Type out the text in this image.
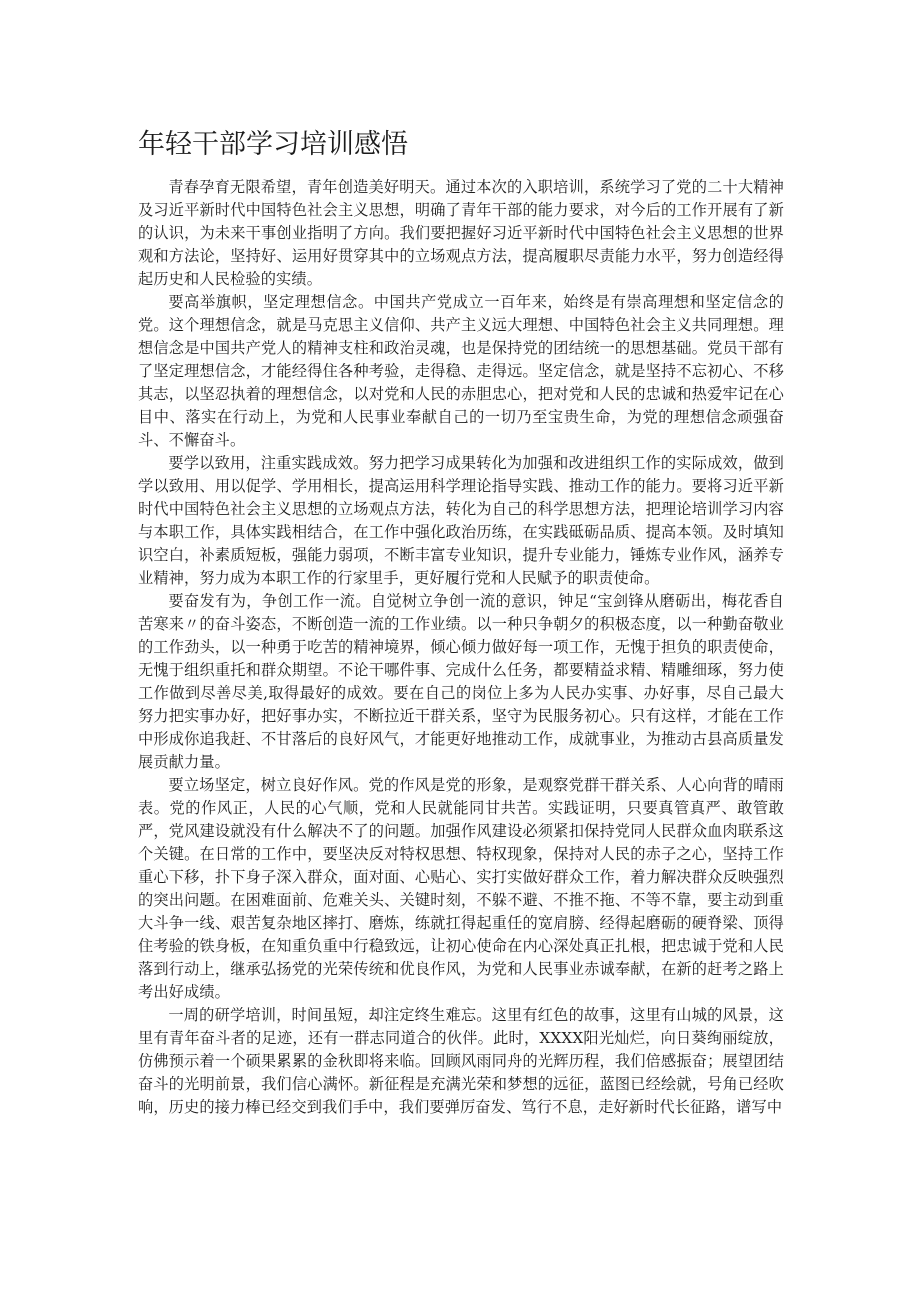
年轻干部学习培训感悟

青春孕育无限希望，青年创造美好明天。通过本次的入职培训，系统学习了党的二十大精神及习近平新时代中国特色社会主义思想，明确了青年干部的能力要求，对今后的工作开展有了新的认识，为未来干事创业指明了方向。我们要把握好习近平新时代中国特色社会主义思想的世界观和方法论，坚持好、运用好贯穿其中的立场观点方法，提高履职尽责能力水平，努力创造经得起历史和人民检验的实绩。

要高举旗帜，坚定理想信念。中国共产党成立一百年来，始终是有崇高理想和坚定信念的党。这个理想信念，就是马克思主义信仰、共产主义远大理想、中国特色社会主义共同理想。理想信念是中国共产党人的精神支柱和政治灵魂，也是保持党的团结统一的思想基础。党员干部有了坚定理想信念，才能经得住各种考验，走得稳、走得远。坚定信念，就是坚持不忘初心、不移其志，以坚忍执着的理想信念，以对党和人民的赤胆忠心，把对党和人民的忠诚和热爱牢记在心目中、落实在行动上，为党和人民事业奉献自己的一切乃至宝贵生命，为党的理想信念顽强奋斗、不懈奋斗。

要学以致用，注重实践成效。努力把学习成果转化为加强和改进组织工作的实际成效，做到学以致用、用以促学、学用相长，提高运用科学理论指导实践、推动工作的能力。要将习近平新时代中国特色社会主义思想的立场观点方法，转化为自己的科学思想方法，把理论培训学习内容与本职工作，具体实践相结合，在工作中强化政治历练，在实践砥砺品质、提高本领。及时填知识空白，补素质短板，强能力弱项，不断丰富专业知识，提升专业能力，锤炼专业作风，涵养专业精神，努力成为本职工作的行家里手，更好履行党和人民赋予的职责使命。

要奋发有为，争创工作一流。自觉树立争创一流的意识，钟足“宝剑锋从磨砺出，梅花香自苦寒来〃的奋斗姿态，不断创造一流的工作业绩。以一种只争朝夕的积极态度，以一种勤奋敬业的工作劲头，以一种勇于吃苦的精神境界，倾心倾力做好每一项工作，无愧于担负的职责使命，无愧于组织重托和群众期望。不论干哪件事、完成什么任务，都要精益求精、精雕细琢，努力使工作做到尽善尽美,取得最好的成效。要在自己的岗位上多为人民办实事、办好事，尽自己最大努力把实事办好，把好事办实，不断拉近干群关系，坚守为民服务初心。只有这样，才能在工作中形成你追我赶、不甘落后的良好风气，才能更好地推动工作，成就事业，为推动古县高质量发展贡献力量。

要立场坚定，树立良好作风。党的作风是党的形象，是观察党群干群关系、人心向背的晴雨表。党的作风正，人民的心气顺，党和人民就能同甘共苦。实践证明，只要真管真严、敢管敢严，党风建设就没有什么解决不了的问题。加强作风建设必须紧扣保持党同人民群众血肉联系这个关键。在日常的工作中，要坚决反对特权思想、特权现象，保持对人民的赤子之心，坚持工作重心下移，扑下身子深入群众，面对面、心贴心、实打实做好群众工作，着力解决群众反映强烈的突出问题。在困难面前、危难关头、关键时刻，不躲不避、不推不拖、不等不靠，要主动到重大斗争一线、艰苦复杂地区摔打、磨炼，练就扛得起重任的宽肩膀、经得起磨砺的硬脊梁、顶得住考验的铁身板，在知重负重中行稳致远，让初心使命在内心深处真正扎根，把忠诚于党和人民落到行动上，继承弘扬党的光荣传统和优良作风，为党和人民事业赤诚奉献，在新的赶考之路上考出好成绩。

一周的研学培训，时间虽短，却注定终生难忘。这里有红色的故事，这里有山城的风景，这里有青年奋斗者的足迹，还有一群志同道合的伙伴。此时，XXXX阳光灿烂，向日葵绚丽绽放，仿佛预示着一个硕果累累的金秋即将来临。回顾风雨同舟的光辉历程，我们倍感振奋；展望团结奋斗的光明前景，我们信心满怀。新征程是充满光荣和梦想的远征，蓝图已经绘就，号角已经吹响，历史的接力棒已经交到我们手中，我们要弹厉奋发、笃行不息，走好新时代长征路，谱写中
